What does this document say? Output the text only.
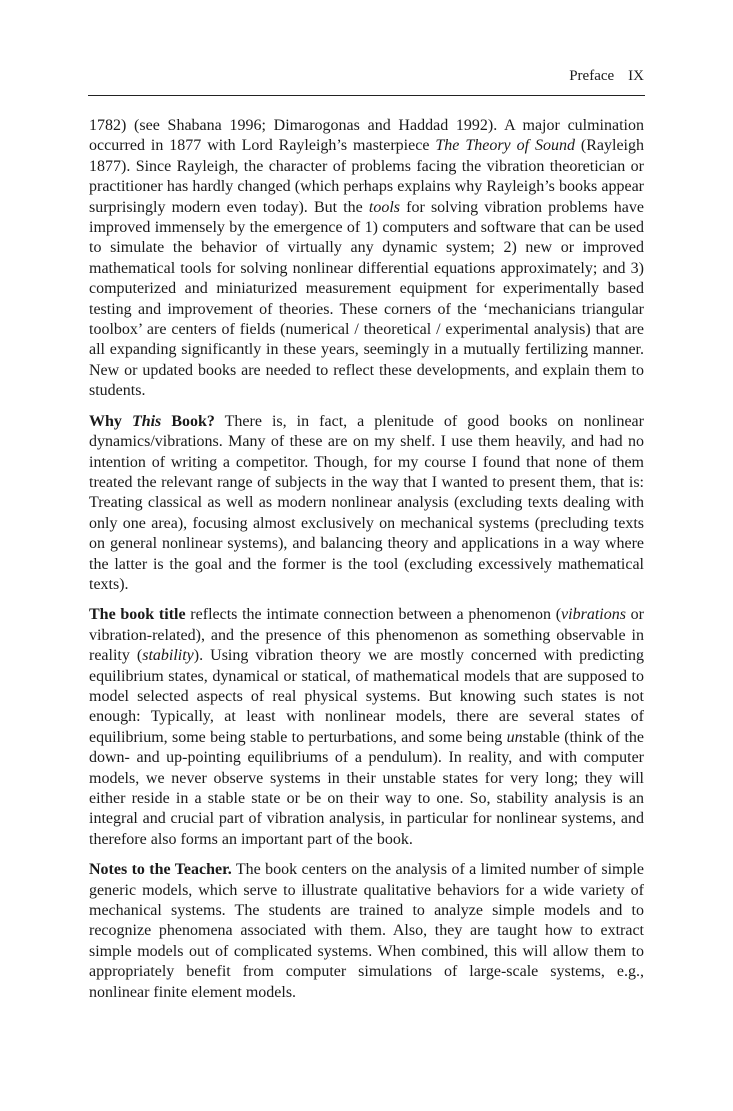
Preface IX

1782) (see Shabana 1996; Dimarogonas and Haddad 1992). A major culmination occurred in 1877 with Lord Rayleigh’s masterpiece The Theory of Sound (Rayleigh 1877). Since Rayleigh, the character of problems facing the vibration theoretician or practitioner has hardly changed (which perhaps explains why Rayleigh’s books appear surprisingly modern even today). But the tools for solving vibration problems have improved immensely by the emergence of 1) computers and software that can be used to simulate the behavior of virtually any dynamic system; 2) new or improved mathematical tools for solving nonlinear differential equations approximately; and 3) computerized and miniaturized measurement equipment for experimentally based testing and improvement of theories. These corners of the ‘mechanicians triangular toolbox’ are centers of fields (numerical / theoretical / experimental analysis) that are all expanding significantly in these years, seemingly in a mutually fertilizing manner. New or updated books are needed to reflect these developments, and explain them to students.

Why This Book? There is, in fact, a plenitude of good books on nonlinear dynamics/vibrations. Many of these are on my shelf. I use them heavily, and had no intention of writing a competitor. Though, for my course I found that none of them treated the relevant range of subjects in the way that I wanted to present them, that is: Treating classical as well as modern nonlinear analysis (excluding texts dealing with only one area), focusing almost exclusively on mechanical systems (precluding texts on general nonlinear systems), and balancing theory and applications in a way where the latter is the goal and the former is the tool (excluding excessively mathematical texts).

The book title reflects the intimate connection between a phenomenon (vibrations or vibration-related), and the presence of this phenomenon as something observable in reality (stability). Using vibration theory we are mostly concerned with predicting equilibrium states, dynamical or statical, of mathematical models that are supposed to model selected aspects of real physical systems. But knowing such states is not enough: Typically, at least with nonlinear models, there are several states of equilibrium, some being stable to perturbations, and some being unstable (think of the down- and up-pointing equilibriums of a pendulum). In reality, and with computer models, we never observe systems in their unstable states for very long; they will either reside in a stable state or be on their way to one. So, stability analysis is an integral and crucial part of vibration analysis, in particular for nonlinear systems, and therefore also forms an important part of the book.

Notes to the Teacher. The book centers on the analysis of a limited number of simple generic models, which serve to illustrate qualitative behaviors for a wide variety of mechanical systems. The students are trained to analyze simple models and to recognize phenomena associated with them. Also, they are taught how to extract simple models out of complicated systems. When combined, this will allow them to appropriately benefit from computer simulations of large-scale systems, e.g., nonlinear finite element models.
